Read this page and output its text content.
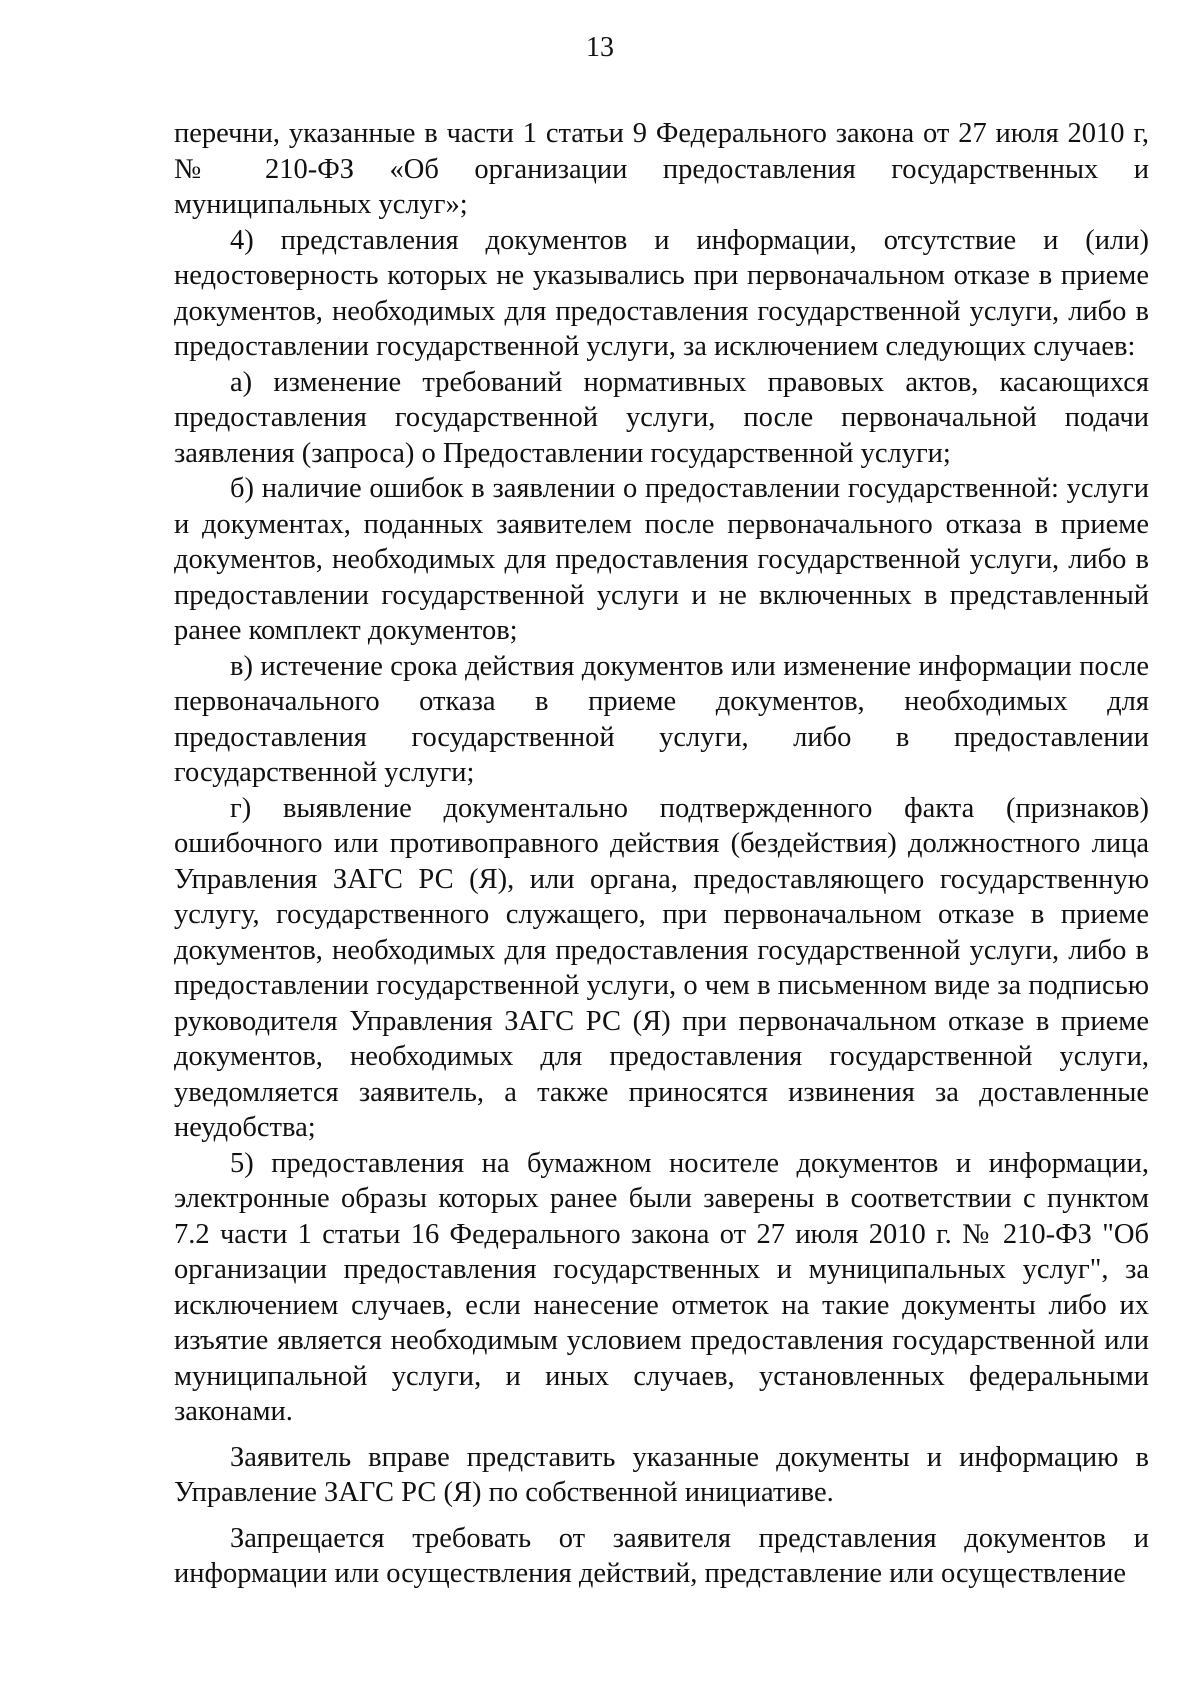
13

перечни, указанные в части 1 статьи 9 Федерального закона от 27 июля 2010 г, № 210-ФЗ «Об организации предоставления государственных и муниципальных услуг»;

4) представления документов и информации, отсутствие и (или) недостоверность которых не указывались при первоначальном отказе в приеме документов, необходимых для предоставления государственной услуги, либо в предоставлении государственной услуги, за исключением следующих случаев:

а) изменение требований нормативных правовых актов, касающихся предоставления государственной услуги, после первоначальной подачи заявления (запроса) о Предоставлении государственной услуги;

б) наличие ошибок в заявлении о предоставлении государственной: услуги и документах, поданных заявителем после первоначального отказа в приеме документов, необходимых для предоставления государственной услуги, либо в предоставлении государственной услуги и не включенных в представленный ранее комплект документов;

в) истечение срока действия документов или изменение информации после первоначального отказа в приеме документов, необходимых для предоставления государственной услуги, либо в предоставлении государственной услуги;

г) выявление документально подтвержденного факта (признаков) ошибочного или противоправного действия (бездействия) должностного лица Управления ЗАГС РС (Я), или органа, предоставляющего государственную услугу, государственного служащего, при первоначальном отказе в приеме документов, необходимых для предоставления государственной услуги, либо в предоставлении государственной услуги, о чем в письменном виде за подписью руководителя Управления ЗАГС РС (Я) при первоначальном отказе в приеме документов, необходимых для предоставления государственной услуги, уведомляется заявитель, а также приносятся извинения за доставленные неудобства;

5) предоставления на бумажном носителе документов и информации, электронные образы которых ранее были заверены в соответствии с пунктом 7.2 части 1 статьи 16 Федерального закона от 27 июля 2010 г. № 210-ФЗ "Об организации предоставления государственных и муниципальных услуг", за исключением случаев, если нанесение отметок на такие документы либо их изъятие является необходимым условием предоставления государственной или муниципальной услуги, и иных случаев, установленных федеральными законами.

Заявитель вправе представить указанные документы и информацию в Управление ЗАГС РС (Я) по собственной инициативе.

Запрещается требовать от заявителя представления документов и информации или осуществления действий, представление или осуществление
